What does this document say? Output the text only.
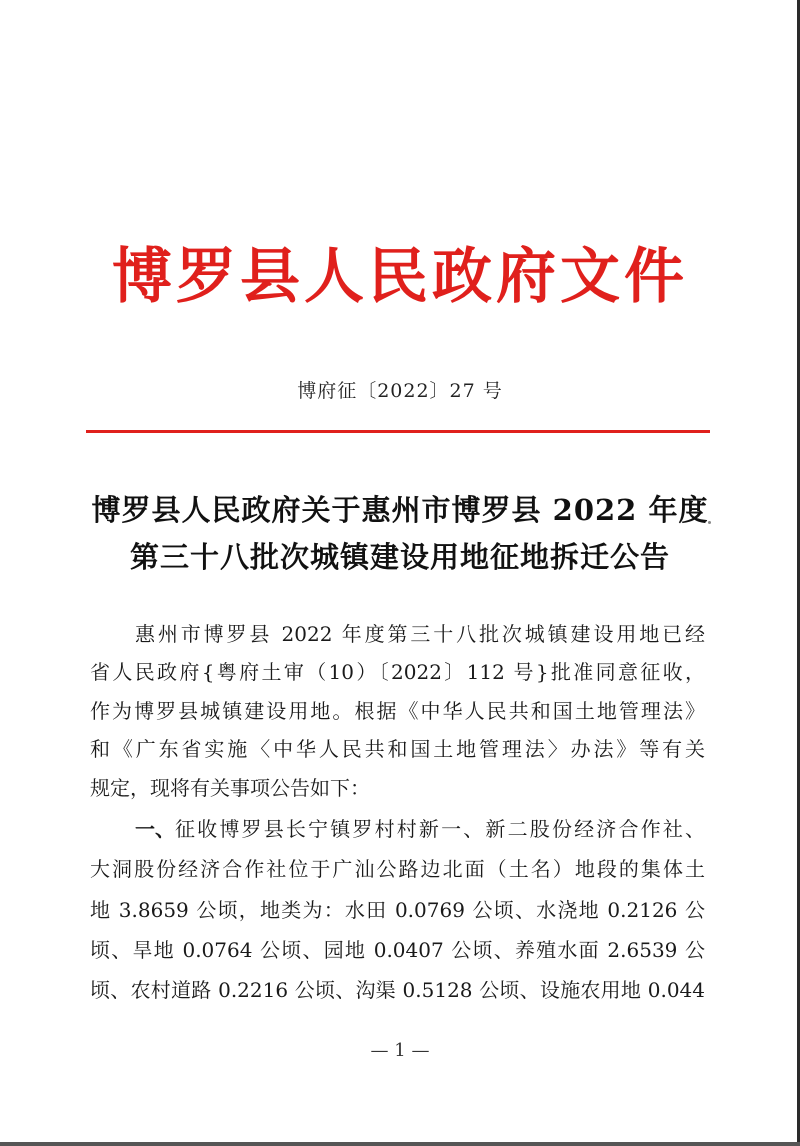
博罗县人民政府文件
博府征〔2022〕27 号
博罗县人民政府关于惠州市博罗县 2022 年度
第三十八批次城镇建设用地征地拆迁公告
惠州市博罗县 2022 年度第三十八批次城镇建设用地已经
省人民政府{粤府土审（10）〔2022〕112 号}批准同意征收，
作为博罗县城镇建设用地。根据《中华人民共和国土地管理法》
和《广东省实施〈中华人民共和国土地管理法〉办法》等有关
规定，现将有关事项公告如下：
一、 征收博罗县长宁镇罗村村新一、新二股份经济合作社、
大洞股份经济合作社位于广汕公路边北面（土名）地段的集体土
地 3.8659 公顷，地类为：水田 0.0769 公顷、水浇地 0.2126 公
顷、旱地 0.0764 公顷、园地 0.0407 公顷、养殖水面 2.6539 公
顷、农村道路 0.2216 公顷、沟渠 0.5128 公顷、设施农用地 0.044
— 1 —
